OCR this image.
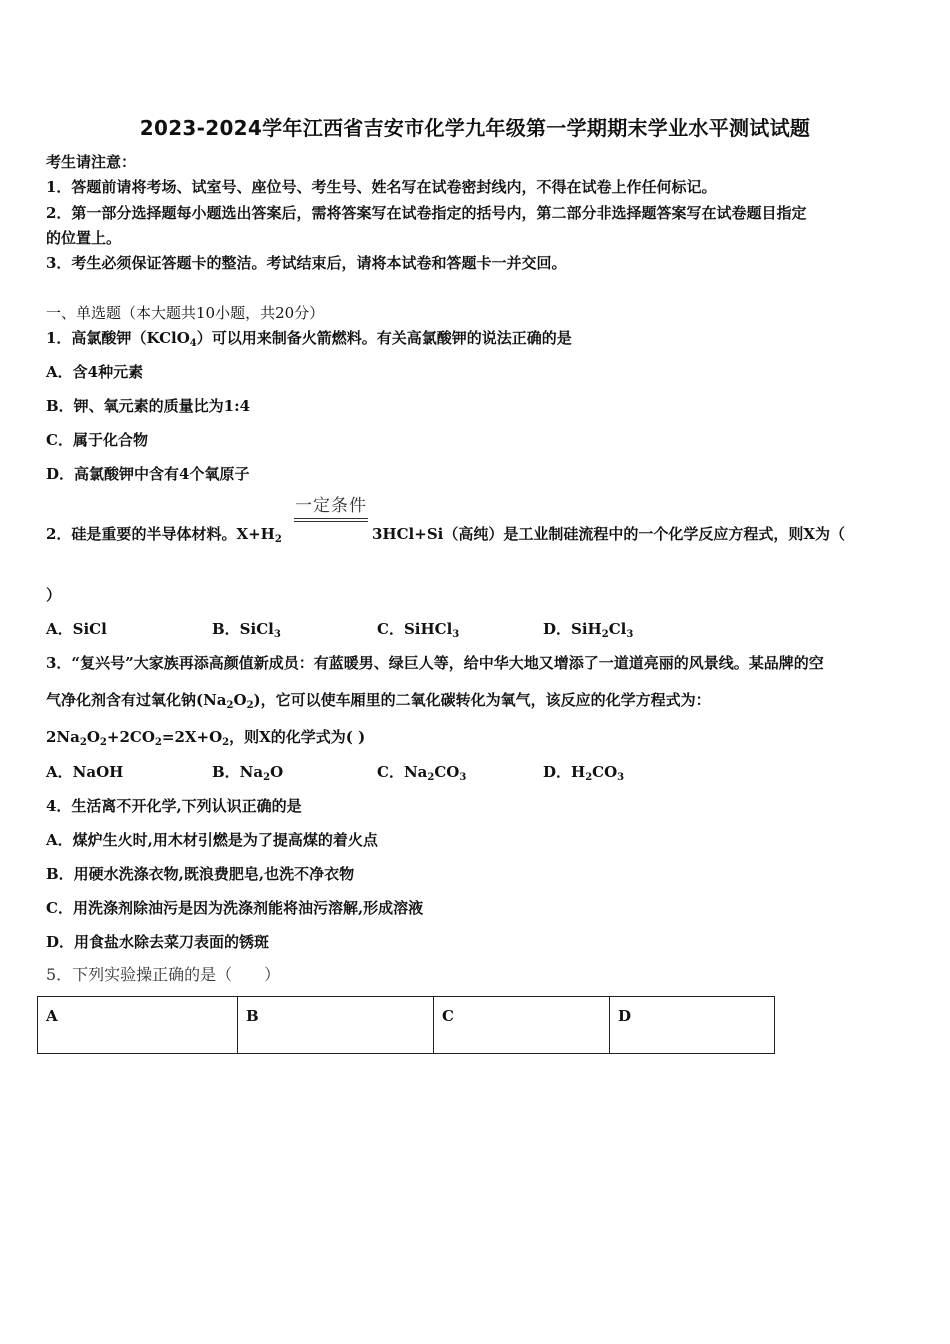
2023-2024学年江西省吉安市化学九年级第一学期期末学业水平测试试题
考生请注意：
1．答题前请将考场、试室号、座位号、考生号、姓名写在试卷密封线内，不得在试卷上作任何标记。
2．第一部分选择题每小题选出答案后，需将答案写在试卷指定的括号内，第二部分非选择题答案写在试卷题目指定
的位置上。
3．考生必须保证答题卡的整洁。考试结束后，请将本试卷和答题卡一并交回。
一、单选题（本大题共10小题，共20分）
1．高氯酸钾（KClO$_4$）可以用来制备火箭燃料。有关高氯酸钾的说法正确的是
A．含4种元素
B．钾、氧元素的质量比为1:4
C．属于化合物
D．高氯酸钾中含有4个氧原子
2．硅是重要的半导体材料。$X+H_2$
一定条件
3HCl+Si（高纯）是工业制硅流程中的一个化学反应方程式，则X为（
）
A．SiCl	B．SiCl$_3$	C．SiHCl$_3$	D．$SiH_2Cl_3$
3．“复兴号”大家族再添高颜值新成员：有蓝暖男、绿巨人等，给中华大地又增添了一道道亮丽的风景线。某品牌的空
气净化剂含有过氧化钠$(Na_2O_2)$，它可以使车厢里的二氧化碳转化为氧气，该反应的化学方程式为：
$2Na_2O_2+2CO_2=2X+O_2$，则X的化学式为( )
A．NaOH	B．$Na_2O$	C．$Na_2CO_3$	D．$H_2CO_3$
4．生活离不开化学,下列认识正确的是
A．煤炉生火时,用木材引燃是为了提高煤的着火点
B．用硬水洗涤衣物,既浪费肥皂,也洗不净衣物
C．用洗涤剂除油污是因为洗涤剂能将油污溶解,形成溶液
D．用食盐水除去菜刀表面的锈斑
5．下列实验操正确的是（　　）
A	B	C	D
